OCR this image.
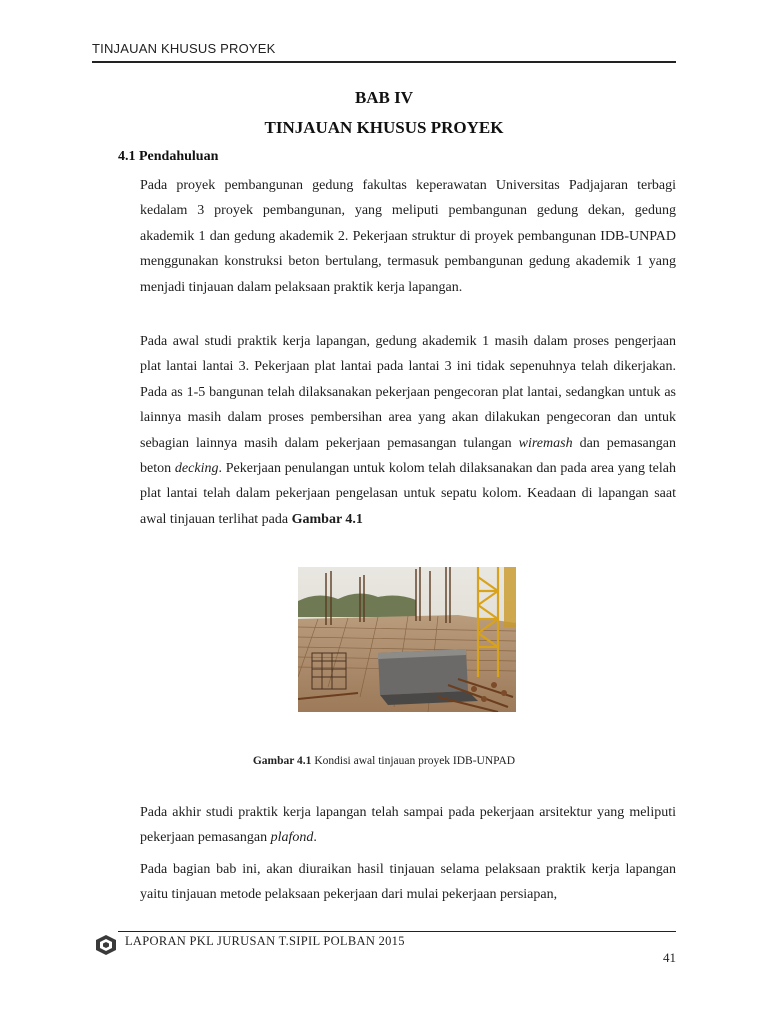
TINJAUAN KHUSUS PROYEK
BAB IV
TINJAUAN KHUSUS PROYEK
4.1 Pendahuluan
Pada proyek pembangunan gedung fakultas keperawatan Universitas Padjajaran terbagi kedalam 3 proyek pembangunan, yang meliputi pembangunan gedung dekan, gedung akademik 1 dan gedung akademik 2. Pekerjaan struktur di proyek pembangunan IDB-UNPAD menggunakan konstruksi beton bertulang, termasuk pembangunan gedung akademik 1 yang menjadi tinjauan dalam pelaksaan praktik kerja lapangan.
Pada awal studi praktik kerja lapangan, gedung akademik 1 masih dalam proses pengerjaan plat lantai lantai 3. Pekerjaan plat lantai pada lantai 3 ini tidak sepenuhnya telah dikerjakan. Pada as 1-5 bangunan telah dilaksanakan pekerjaan pengecoran plat lantai, sedangkan untuk as lainnya masih dalam proses pembersihan area yang akan dilakukan pengecoran dan untuk sebagian lainnya masih dalam pekerjaan pemasangan tulangan wiremash dan pemasangan beton decking. Pekerjaan penulangan untuk kolom telah dilaksanakan dan pada area yang telah plat lantai telah dalam pekerjaan pengelasan untuk sepatu kolom. Keadaan di lapangan saat awal tinjauan terlihat pada Gambar 4.1
Gambar 4.1 Kondisi awal tinjauan proyek IDB-UNPAD
Pada akhir studi praktik kerja lapangan telah sampai pada pekerjaan arsitektur yang meliputi pekerjaan pemasangan plafond.
Pada bagian bab ini, akan diuraikan hasil tinjauan selama pelaksaan praktik kerja lapangan yaitu tinjauan metode pelaksaan pekerjaan dari mulai pekerjaan persiapan,
LAPORAN PKL JURUSAN T.SIPIL POLBAN 2015
41
